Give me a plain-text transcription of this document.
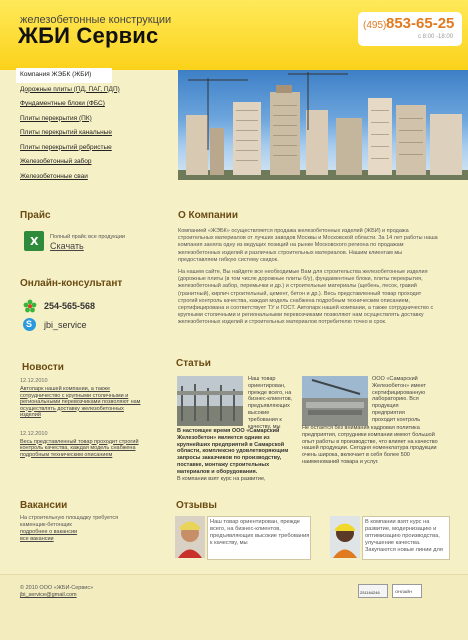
железобетонные конструкции
ЖБИ Сервис	(495) 853-65-25
с 8:00 -18:00
Компания ЖЭБК (ЖБИ)
Дорожные плиты (ПД, ПАГ, ПДП)
Фундаментные блоки (ФБС)
Плиты перекрытия (ПК)
Плиты перекрытий канальные
Плиты перекрытий ребристые
Железобетонный забор
Железобетонные сваи
Прайс
X
Полный прайс все продукции
Скачать
Онлайн-консультант
254-565-568
S
jbi_service
О Компании

Компанией «ЖЭБК» осуществляется продажа железобетонных изделий (ЖБИ) и продажа строительных материалов от лучших заводов Москвы и Московской области. За 14 лет работы наша компания заняла одну из ведущих позиций на рынке Московского региона по продажам железобетонных изделий и различных строительных материалов. Нашим клиентам мы предоставляем гибкую систему скидок.

На нашем сайте, Вы найдете все необходимые Вам для строительства железобетонные изделия (дорожные плиты (в том числе дорожные плиты б/у), фундаментные блоки, плиты перекрытия, железобетонный забор, перемычки и др.) и строительные материалы (щебень, песок, гравий (гранитный), кирпич строительный, цемент, бетон и др.). Весь представленный товар проходит строгий контроль качества, каждая модель снабжена подробным техническим описанием, сертифицирована и соответствует ТУ и ГОСТ. Автопарк нашей компании, а также сотрудничество с крупными столичными и региональными перевозчиками позволяют нам осуществлять доставку железобетонных изделий и строительных материалов потребителю точно в срок.

Новости
12.12.2010
Автопарк нашей компании, а также сотрудничество с крупными столичными и региональными перевозчиками позволяют нам осуществлять доставку железобетонных изделий
12.12.2010
Весь представленный товар проходит строгий контроль качества, каждая модель снабжена подробным техническим описанием
Статьи
Наш товар ориентирован, прежде всего, на бизнес-клиентов, предъявляющих высокие требования к качеству, мы
В настоящее время ООО «Самарский Железобетон» является одним из крупнейших предприятий в Самарской области, комплексно удовлетворяющим запросы заказчиков по производству, поставке, монтажу строительных материалов и оборудования.
В компании взят курс на развитие,
ООО «Самарский Железобетон» имеет сертифицированную лабораторию. Вся продукция предприятия проходит контроль
Не остается без внимания кадровая политика предприятия, сотрудники компании имеют большой опыт работы в производстве, что влияет на качество нашей продукции. Сегодня номенклатура продукции очень широка, включает в себя более 500 наименований товара и услуг.
Вакансии
На строительную площадку требуется каменщик-бетонщик
подробнее о вакансии
все вакансии
Отзывы
Наш товар ориентирован, прежде всего, на бизнес-клиентов, предъявляющих высокие требования к качеству, мы
В компании взят курс на развитие, модернизацию и оптимизацию производства, улучшение качества. Закупаются новые линии для
© 2010 ООО «ЖБИ-Сервис»
jbi_service@gmail.com	251164246	ОНЛАЙН
